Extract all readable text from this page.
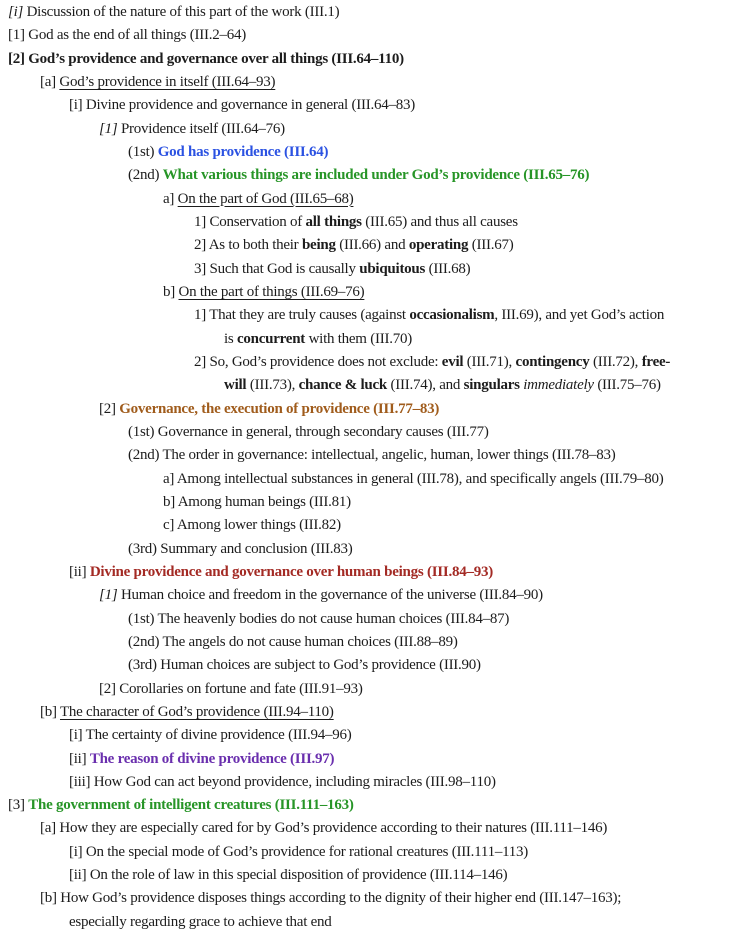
[i] Discussion of the nature of this part of the work (III.1)
[1] God as the end of all things (III.2–64)
[2] God’s providence and governance over all things (III.64–110)
[a] God’s providence in itself (III.64–93)
[i] Divine providence and governance in general (III.64–83)
[1] Providence itself (III.64–76)
(1st) God has providence (III.64)
(2nd) What various things are included under God’s providence (III.65–76)
a] On the part of God (III.65–68)
1] Conservation of all things (III.65) and thus all causes
2] As to both their being (III.66) and operating (III.67)
3] Such that God is causally ubiquitous (III.68)
b] On the part of things (III.69–76)
1] That they are truly causes (against occasionalism, III.69), and yet God’s action
is concurrent with them (III.70)
2] So, God’s providence does not exclude: evil (III.71), contingency (III.72), free-
will (III.73), chance & luck (III.74), and singulars immediately (III.75–76)
[2] Governance, the execution of providence (III.77–83)
(1st) Governance in general, through secondary causes (III.77)
(2nd) The order in governance: intellectual, angelic, human, lower things (III.78–83)
a] Among intellectual substances in general (III.78), and specifically angels (III.79–80)
b] Among human beings (III.81)
c] Among lower things (III.82)
(3rd) Summary and conclusion (III.83)
[ii] Divine providence and governance over human beings (III.84–93)
[1] Human choice and freedom in the governance of the universe (III.84–90)
(1st) The heavenly bodies do not cause human choices (III.84–87)
(2nd) The angels do not cause human choices (III.88–89)
(3rd) Human choices are subject to God’s providence (III.90)
[2] Corollaries on fortune and fate (III.91–93)
[b] The character of God’s providence (III.94–110)
[i] The certainty of divine providence (III.94–96)
[ii] The reason of divine providence (III.97)
[iii] How God can act beyond providence, including miracles (III.98–110)
[3] The government of intelligent creatures (III.111–163)
[a] How they are especially cared for by God’s providence according to their natures (III.111–146)
[i] On the special mode of God’s providence for rational creatures (III.111–113)
[ii] On the role of law in this special disposition of providence (III.114–146)
[b] How God’s providence disposes things according to the dignity of their higher end (III.147–163);
especially regarding grace to achieve that end
